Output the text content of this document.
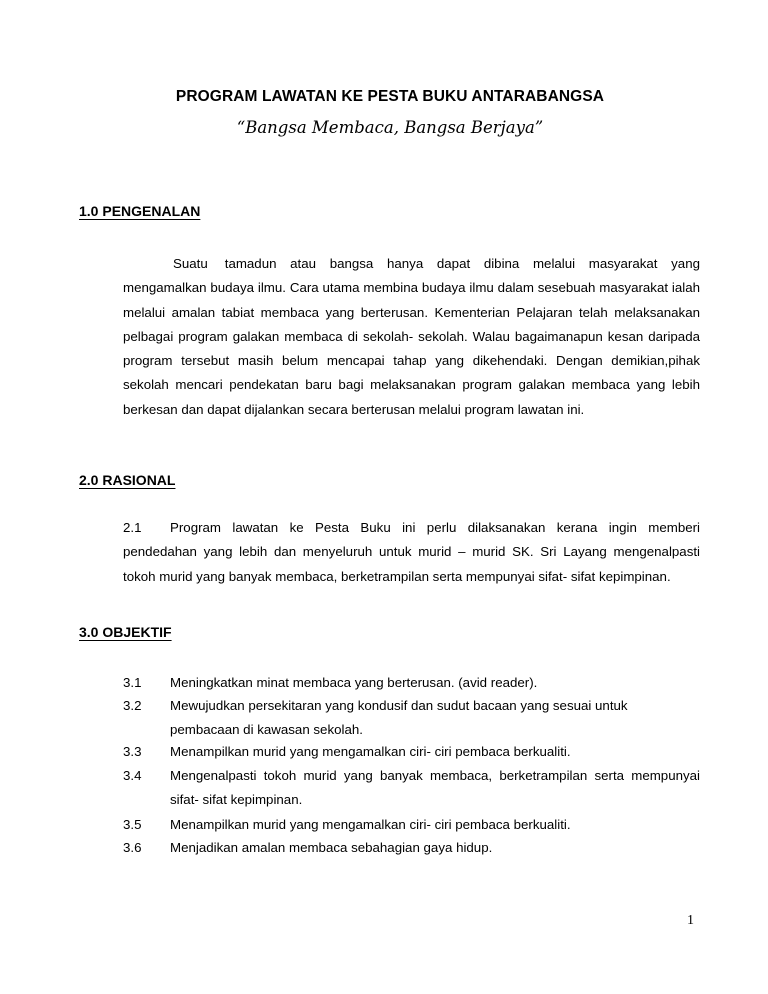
PROGRAM LAWATAN KE PESTA BUKU ANTARABANGSA
“Bangsa Membaca, Bangsa Berjaya”
1.0 PENGENALAN
Suatu tamadun atau bangsa hanya dapat dibina melalui masyarakat yang mengamalkan budaya ilmu. Cara utama membina budaya ilmu dalam sesebuah masyarakat ialah melalui amalan tabiat membaca yang berterusan. Kementerian Pelajaran telah melaksanakan pelbagai program galakan membaca di sekolah- sekolah. Walau bagaimanapun kesan daripada program tersebut masih belum mencapai tahap yang dikehendaki. Dengan demikian,pihak sekolah mencari pendekatan baru bagi melaksanakan program galakan membaca yang lebih berkesan dan dapat dijalankan secara berterusan melalui program lawatan ini.
2.0 RASIONAL
2.1 Program lawatan ke Pesta Buku ini perlu dilaksanakan kerana ingin memberi pendedahan yang lebih dan menyeluruh untuk murid – murid SK. Sri Layang mengenalpasti tokoh murid yang banyak membaca, berketrampilan serta mempunyai sifat- sifat kepimpinan.
3.0 OBJEKTIF
3.1	Meningkatkan minat membaca yang berterusan. (avid reader).
3.2	Mewujudkan persekitaran yang kondusif dan sudut bacaan yang sesuai untuk pembacaan di kawasan sekolah.
3.3	Menampilkan murid yang mengamalkan ciri- ciri pembaca berkualiti.
3.4	Mengenalpasti tokoh murid yang banyak membaca, berketrampilan serta mempunyai sifat- sifat kepimpinan.
3.5	Menampilkan murid yang mengamalkan ciri- ciri pembaca berkualiti.
3.6	Menjadikan amalan membaca sebahagian gaya hidup.
1
